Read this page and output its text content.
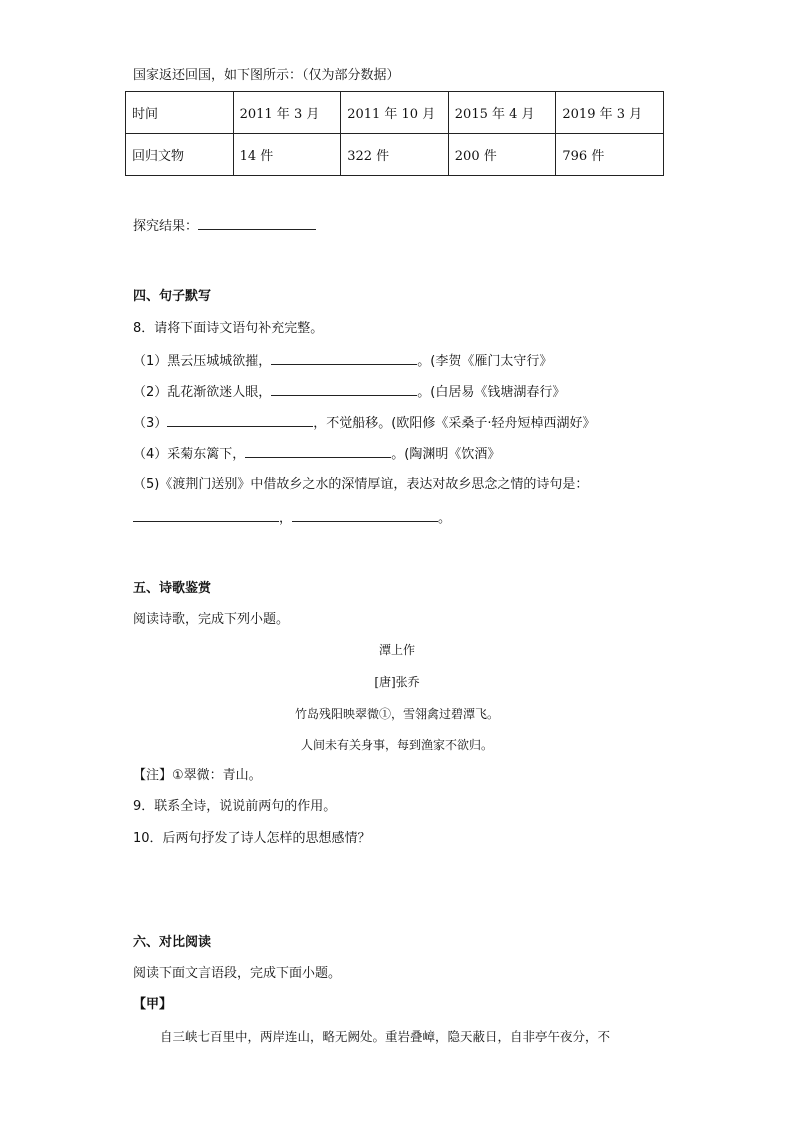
国家返还回国，如下图所示：（仅为部分数据）
时间	2011 年 3 月	2011 年 10 月	2015 年 4 月	2019 年 3 月
回归文物	14 件	322 件	200 件	796 件
探究结果：
四、句子默写
8．请将下面诗文语句补充完整。
（1）黑云压城城欲摧，	。(李贺《雁门太守行》
（2）乱花渐欲迷人眼，	。(白居易《钱塘湖春行》
（3）	，不觉船移。(欧阳修《采桑子·轻舟短棹西湖好》
（4）采菊东篱下，	。(陶渊明《饮酒》
（5)《渡荆门送别》中借故乡之水的深情厚谊，表达对故乡思念之情的诗句是：
，	。
五、诗歌鉴赏
阅读诗歌，完成下列小题。
潭上作
[唐]张乔
竹岛残阳映翠微①，雪翎禽过碧潭飞。
人间未有关身事，每到渔家不欲归。
【注】①翠微：青山。
9．联系全诗，说说前两句的作用。
10．后两句抒发了诗人怎样的思想感情？
六、对比阅读
阅读下面文言语段，完成下面小题。
【甲】
自三峡七百里中，两岸连山，略无阙处。重岩叠嶂，隐天蔽日，自非亭午夜分，不
